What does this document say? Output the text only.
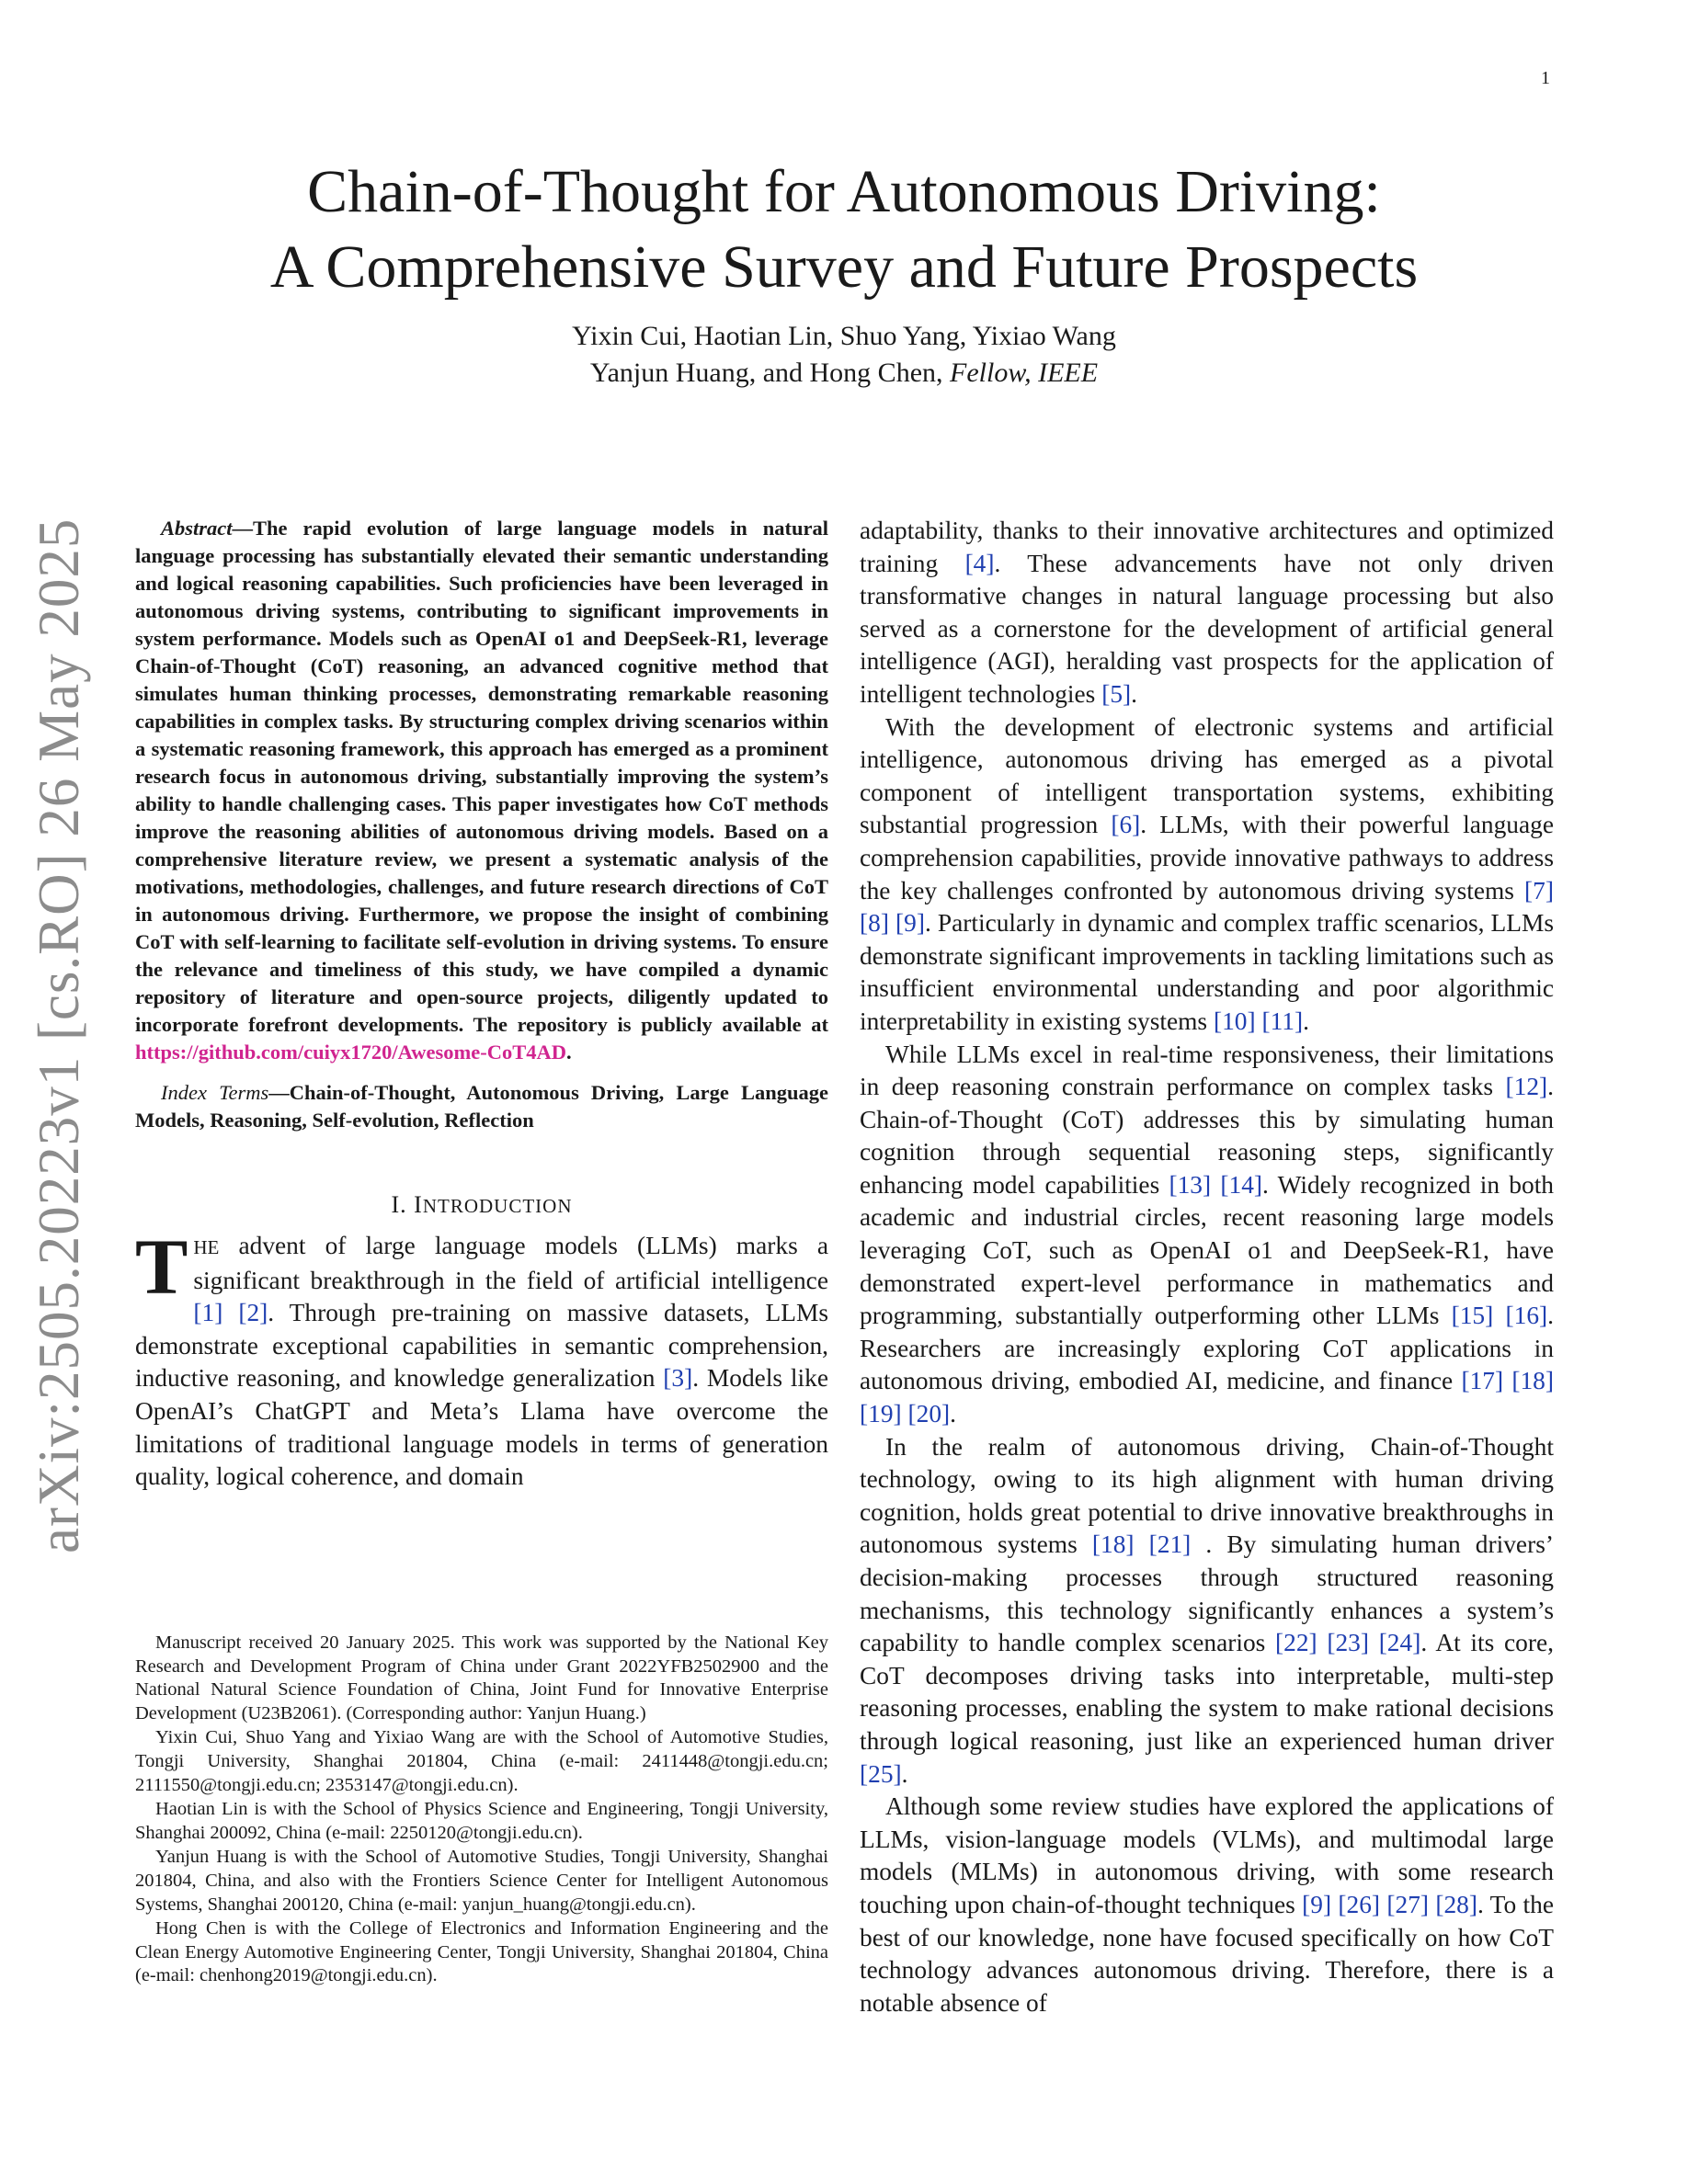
1
arXiv:2505.20223v1 [cs.RO] 26 May 2025
Chain-of-Thought for Autonomous Driving:
A Comprehensive Survey and Future Prospects
Yixin Cui, Haotian Lin, Shuo Yang, Yixiao Wang
Yanjun Huang, and Hong Chen, Fellow, IEEE

Abstract—The rapid evolution of large language models in natural language processing has substantially elevated their semantic understanding and logical reasoning capabilities. Such proficiencies have been leveraged in autonomous driving systems, contributing to significant improvements in system performance. Models such as OpenAI o1 and DeepSeek-R1, leverage Chain-of-Thought (CoT) reasoning, an advanced cognitive method that simulates human thinking processes, demonstrating remarkable reasoning capabilities in complex tasks. By structuring complex driving scenarios within a systematic reasoning framework, this approach has emerged as a prominent research focus in autonomous driving, substantially improving the system’s ability to handle challenging cases. This paper investigates how CoT methods improve the reasoning abilities of autonomous driving models. Based on a comprehensive literature review, we present a systematic analysis of the motivations, methodologies, challenges, and future research directions of CoT in autonomous driving. Furthermore, we propose the insight of combining CoT with self-learning to facilitate self-evolution in driving systems. To ensure the relevance and timeliness of this study, we have compiled a dynamic repository of literature and open-source projects, diligently updated to incorporate forefront developments. The repository is publicly available at https://github.com/cuiyx1720/Awesome-CoT4AD.

Index Terms—Chain-of-Thought, Autonomous Driving, Large Language Models, Reasoning, Self-evolution, Reflection
I. INTRODUCTION

THE advent of large language models (LLMs) marks a significant breakthrough in the field of artificial intelligence [1] [2]. Through pre-training on massive datasets, LLMs demonstrate exceptional capabilities in semantic comprehension, inductive reasoning, and knowledge generalization [3]. Models like OpenAI’s ChatGPT and Meta’s Llama have overcome the limitations of traditional language models in terms of generation quality, logical coherence, and domain

Manuscript received 20 January 2025. This work was supported by the National Key Research and Development Program of China under Grant 2022YFB2502900 and the National Natural Science Foundation of China, Joint Fund for Innovative Enterprise Development (U23B2061). (Corresponding author: Yanjun Huang.)

Yixin Cui, Shuo Yang and Yixiao Wang are with the School of Automotive Studies, Tongji University, Shanghai 201804, China (e-mail: 2411448@tongji.edu.cn; 2111550@tongji.edu.cn; 2353147@tongji.edu.cn).

Haotian Lin is with the School of Physics Science and Engineering, Tongji University, Shanghai 200092, China (e-mail: 2250120@tongji.edu.cn).

Yanjun Huang is with the School of Automotive Studies, Tongji University, Shanghai 201804, China, and also with the Frontiers Science Center for Intelligent Autonomous Systems, Shanghai 200120, China (e-mail: yanjun_huang@tongji.edu.cn).

Hong Chen is with the College of Electronics and Information Engineering and the Clean Energy Automotive Engineering Center, Tongji University, Shanghai 201804, China (e-mail: chenhong2019@tongji.edu.cn).

adaptability, thanks to their innovative architectures and optimized training [4]. These advancements have not only driven transformative changes in natural language processing but also served as a cornerstone for the development of artificial general intelligence (AGI), heralding vast prospects for the application of intelligent technologies [5].

With the development of electronic systems and artificial intelligence, autonomous driving has emerged as a pivotal component of intelligent transportation systems, exhibiting substantial progression [6]. LLMs, with their powerful language comprehension capabilities, provide innovative pathways to address the key challenges confronted by autonomous driving systems [7] [8] [9]. Particularly in dynamic and complex traffic scenarios, LLMs demonstrate significant improvements in tackling limitations such as insufficient environmental understanding and poor algorithmic interpretability in existing systems [10] [11].

While LLMs excel in real-time responsiveness, their limitations in deep reasoning constrain performance on complex tasks [12]. Chain-of-Thought (CoT) addresses this by simulating human cognition through sequential reasoning steps, significantly enhancing model capabilities [13] [14]. Widely recognized in both academic and industrial circles, recent reasoning large models leveraging CoT, such as OpenAI o1 and DeepSeek-R1, have demonstrated expert-level performance in mathematics and programming, substantially outperforming other LLMs [15] [16]. Researchers are increasingly exploring CoT applications in autonomous driving, embodied AI, medicine, and finance [17] [18] [19] [20].

In the realm of autonomous driving, Chain-of-Thought technology, owing to its high alignment with human driving cognition, holds great potential to drive innovative breakthroughs in autonomous systems [18] [21] . By simulating human drivers’ decision-making processes through structured reasoning mechanisms, this technology significantly enhances a system’s capability to handle complex scenarios [22] [23] [24]. At its core, CoT decomposes driving tasks into interpretable, multi-step reasoning processes, enabling the system to make rational decisions through logical reasoning, just like an experienced human driver [25].

Although some review studies have explored the applications of LLMs, vision-language models (VLMs), and multimodal large models (MLMs) in autonomous driving, with some research touching upon chain-of-thought techniques [9] [26] [27] [28]. To the best of our knowledge, none have focused specifically on how CoT technology advances autonomous driving. Therefore, there is a notable absence of
